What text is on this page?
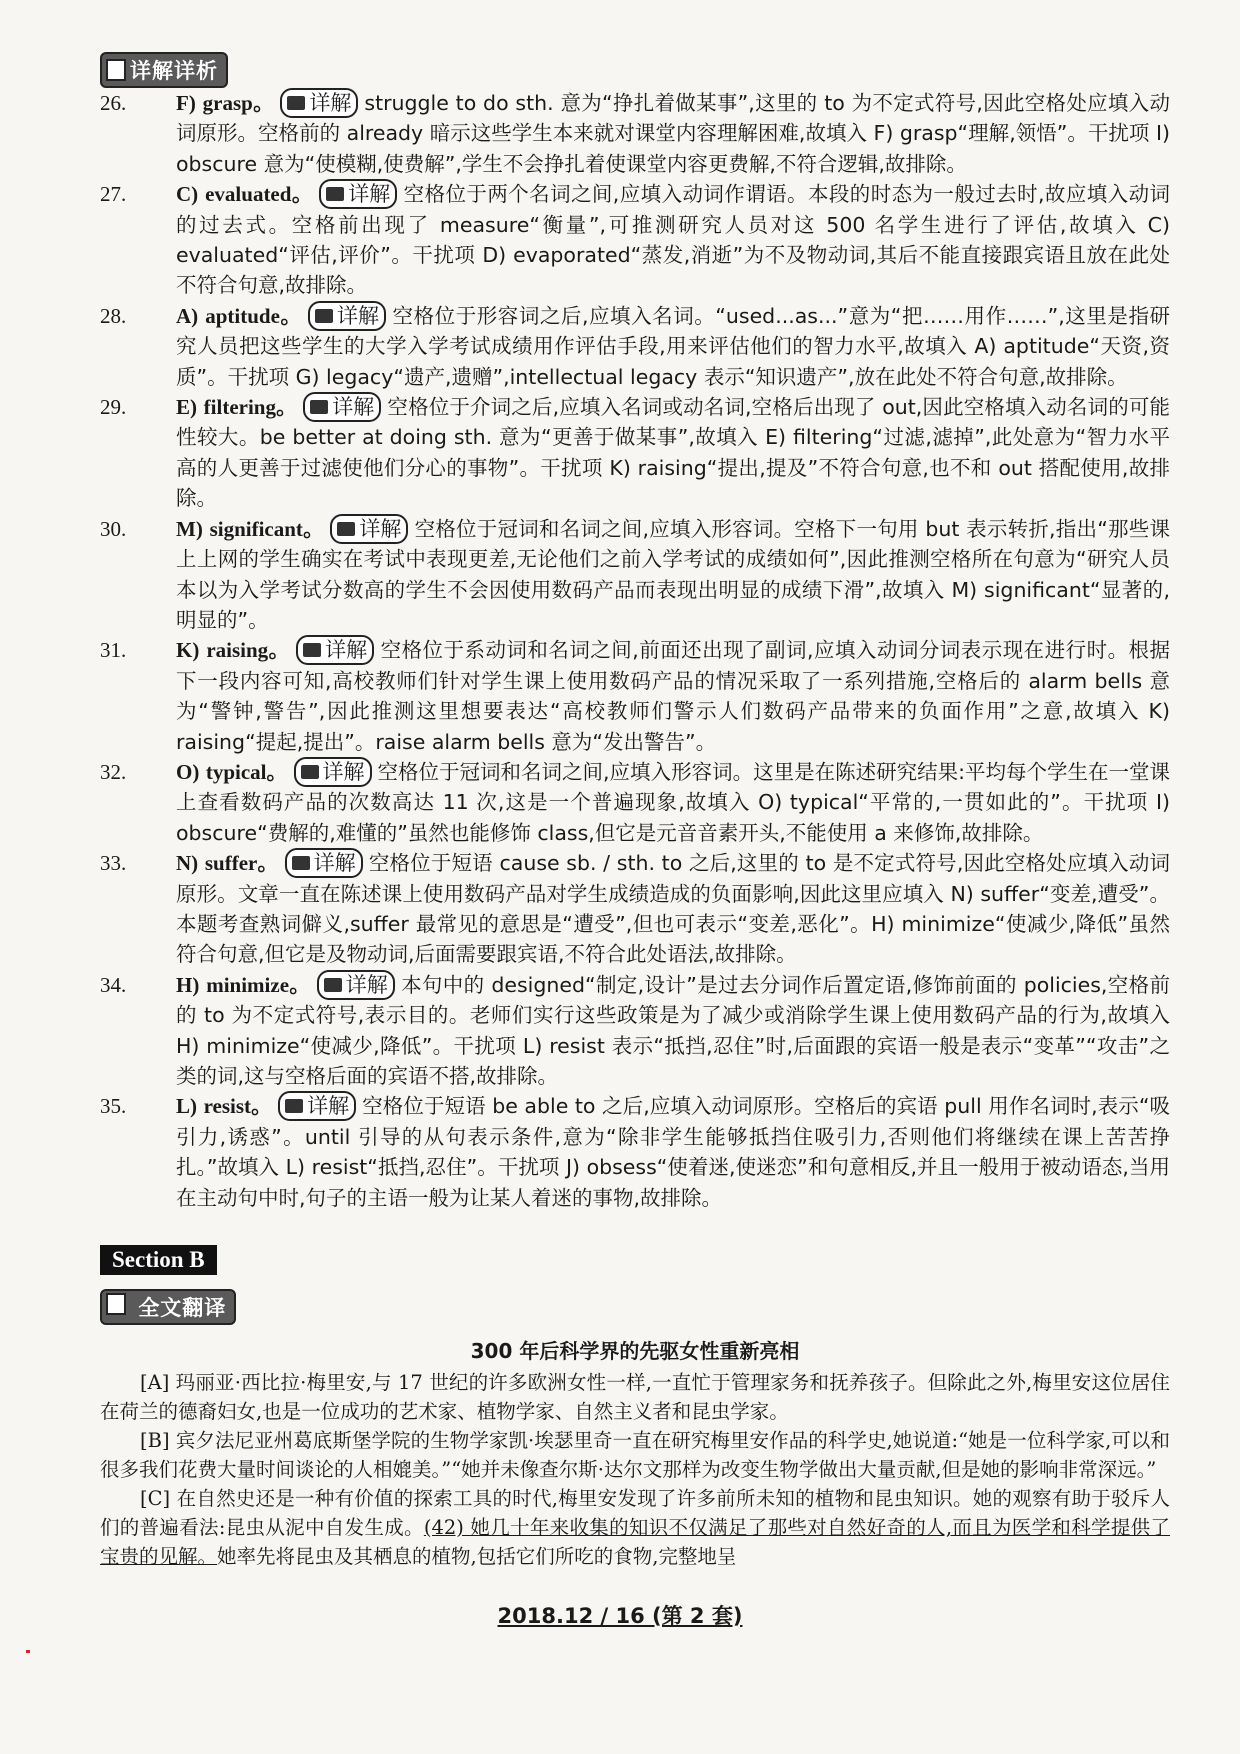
详解详析
26. F) grasp。 详解 struggle to do sth. 意为“挣扎着做某事”,这里的 to 为不定式符号,因此空格处应填入动词原形。空格前的 already 暗示这些学生本来就对课堂内容理解困难,故填入 F) grasp“理解,领悟”。干扰项 I) obscure 意为“使模糊,使费解”,学生不会挣扎着使课堂内容更费解,不符合逻辑,故排除。
27. C) evaluated。 详解 空格位于两个名词之间,应填入动词作谓语。本段的时态为一般过去时,故应填入动词的过去式。空格前出现了 measure“衡量”,可推测研究人员对这 500 名学生进行了评估,故填入 C) evaluated“评估,评价”。干扰项 D) evaporated“蒸发,消逝”为不及物动词,其后不能直接跟宾语且放在此处不符合句意,故排除。
28. A) aptitude。 详解 空格位于形容词之后,应填入名词。“used...as...”意为“把……用作……”,这里是指研究人员把这些学生的大学入学考试成绩用作评估手段,用来评估他们的智力水平,故填入 A) aptitude“天资,资质”。干扰项 G) legacy“遗产,遗赠”,intellectual legacy 表示“知识遗产”,放在此处不符合句意,故排除。
29. E) filtering。 详解 空格位于介词之后,应填入名词或动名词,空格后出现了 out,因此空格填入动名词的可能性较大。be better at doing sth. 意为“更善于做某事”,故填入 E) filtering“过滤,滤掉”,此处意为“智力水平高的人更善于过滤使他们分心的事物”。干扰项 K) raising“提出,提及”不符合句意,也不和 out 搭配使用,故排除。
30. M) significant。 详解 空格位于冠词和名词之间,应填入形容词。空格下一句用 but 表示转折,指出“那些课上上网的学生确实在考试中表现更差,无论他们之前入学考试的成绩如何”,因此推测空格所在句意为“研究人员本以为入学考试分数高的学生不会因使用数码产品而表现出明显的成绩下滑”,故填入 M) significant“显著的,明显的”。
31. K) raising。 详解 空格位于系动词和名词之间,前面还出现了副词,应填入动词分词表示现在进行时。根据下一段内容可知,高校教师们针对学生课上使用数码产品的情况采取了一系列措施,空格后的 alarm bells 意为“警钟,警告”,因此推测这里想要表达“高校教师们警示人们数码产品带来的负面作用”之意,故填入 K) raising“提起,提出”。raise alarm bells 意为“发出警告”。
32. O) typical。 详解 空格位于冠词和名词之间,应填入形容词。这里是在陈述研究结果:平均每个学生在一堂课上查看数码产品的次数高达 11 次,这是一个普遍现象,故填入 O) typical“平常的,一贯如此的”。干扰项 I) obscure“费解的,难懂的”虽然也能修饰 class,但它是元音音素开头,不能使用 a 来修饰,故排除。
33. N) suffer。 详解 空格位于短语 cause sb. / sth. to 之后,这里的 to 是不定式符号,因此空格处应填入动词原形。文章一直在陈述课上使用数码产品对学生成绩造成的负面影响,因此这里应填入 N) suffer“变差,遭受”。本题考查熟词僻义,suffer 最常见的意思是“遭受”,但也可表示“变差,恶化”。H) minimize“使减少,降低”虽然符合句意,但它是及物动词,后面需要跟宾语,不符合此处语法,故排除。
34. H) minimize。 详解 本句中的 designed“制定,设计”是过去分词作后置定语,修饰前面的 policies,空格前的 to 为不定式符号,表示目的。老师们实行这些政策是为了减少或消除学生课上使用数码产品的行为,故填入 H) minimize“使减少,降低”。干扰项 L) resist 表示“抵挡,忍住”时,后面跟的宾语一般是表示“变革”“攻击”之类的词,这与空格后面的宾语不搭,故排除。
35. L) resist。 详解 空格位于短语 be able to 之后,应填入动词原形。空格后的宾语 pull 用作名词时,表示“吸引力,诱惑”。until 引导的从句表示条件,意为“除非学生能够抵挡住吸引力,否则他们将继续在课上苦苦挣扎。”故填入 L) resist“抵挡,忍住”。干扰项 J) obsess“使着迷,使迷恋”和句意相反,并且一般用于被动语态,当用在主动句中时,句子的主语一般为让某人着迷的事物,故排除。
Section B
全文翻译
300 年后科学界的先驱女性重新亮相

[A] 玛丽亚·西比拉·梅里安,与 17 世纪的许多欧洲女性一样,一直忙于管理家务和抚养孩子。但除此之外,梅里安这位居住在荷兰的德裔妇女,也是一位成功的艺术家、植物学家、自然主义者和昆虫学家。

[B] 宾夕法尼亚州葛底斯堡学院的生物学家凯·埃瑟里奇一直在研究梅里安作品的科学史,她说道:“她是一位科学家,可以和很多我们花费大量时间谈论的人相媲美。”“她并未像查尔斯·达尔文那样为改变生物学做出大量贡献,但是她的影响非常深远。”

[C] 在自然史还是一种有价值的探索工具的时代,梅里安发现了许多前所未知的植物和昆虫知识。她的观察有助于驳斥人们的普遍看法:昆虫从泥中自发生成。(42) 她几十年来收集的知识不仅满足了那些对自然好奇的人,而且为医学和科学提供了宝贵的见解。她率先将昆虫及其栖息的植物,包括它们所吃的食物,完整地呈

2018.12 / 16 (第 2 套)
